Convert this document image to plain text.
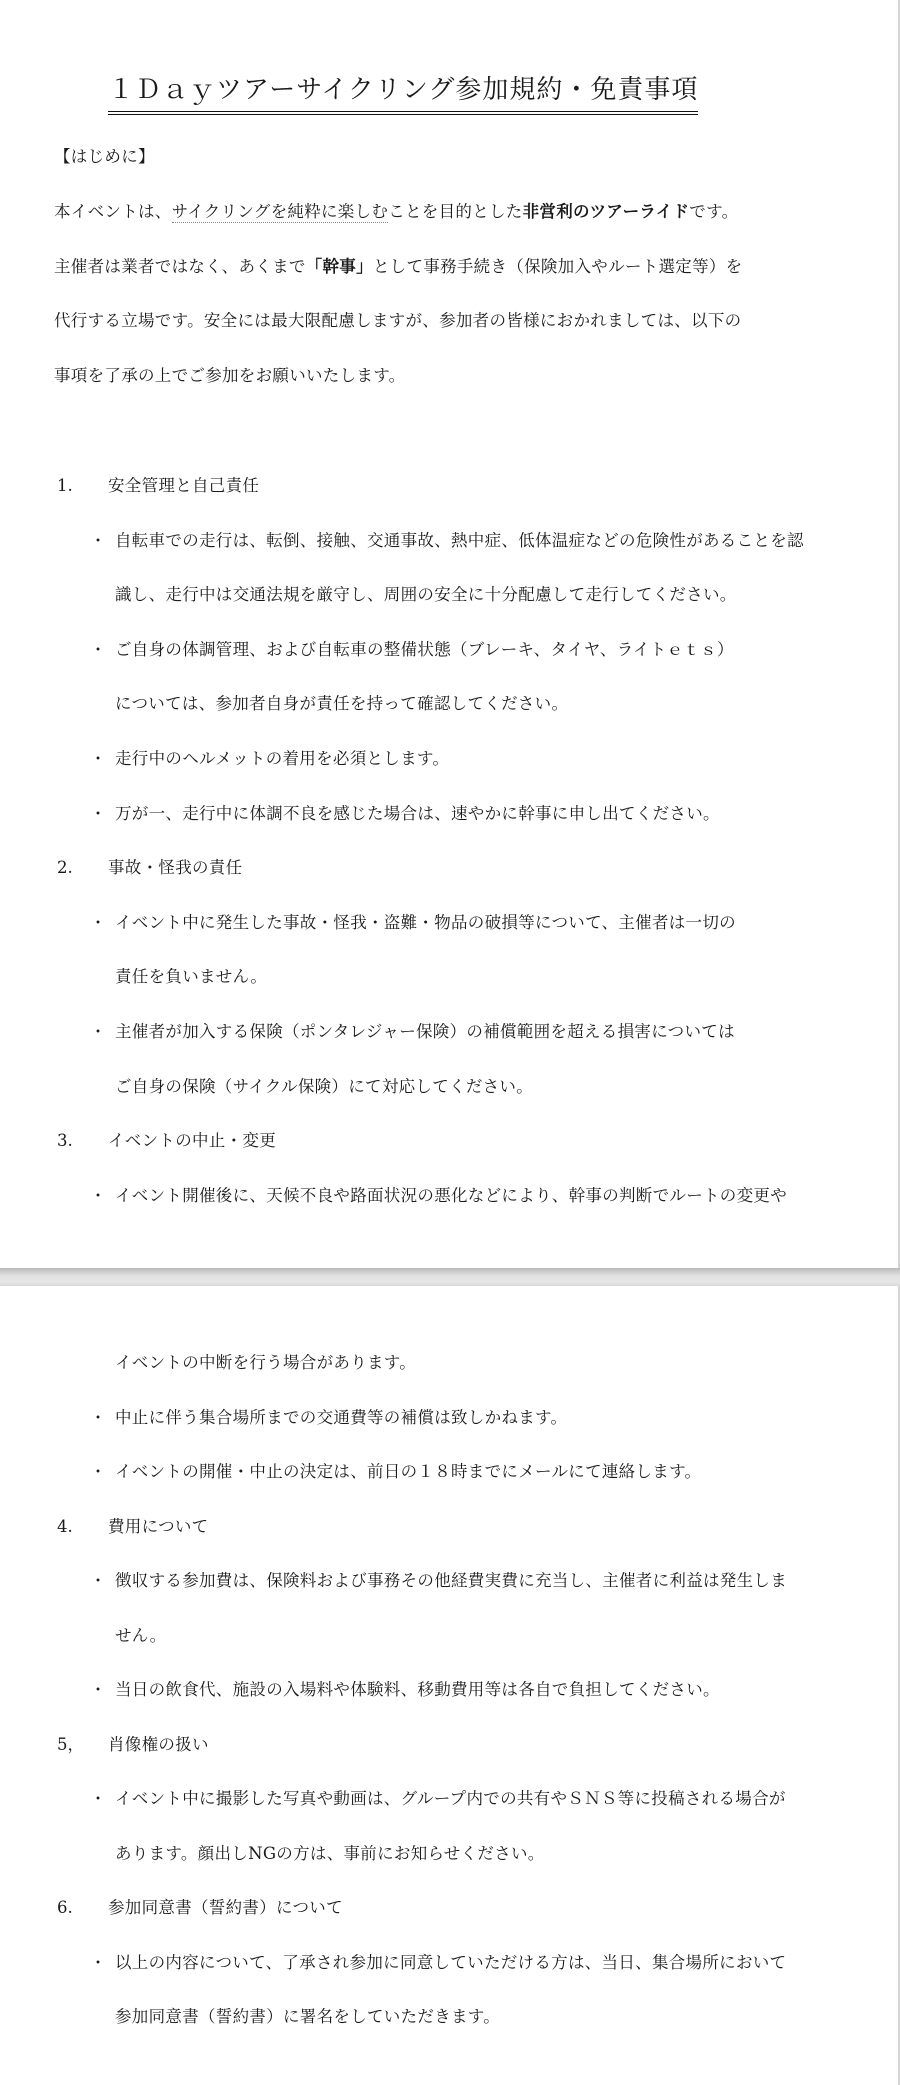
１Ｄａｙツアーサイクリング参加規約・免責事項
【はじめに】
本イベントは、サイクリングを純粋に楽しむことを目的とした非営利のツアーライドです。
主催者は業者ではなく、あくまで「幹事」として事務手続き（保険加入やルート選定等）を
代行する立場です。安全には最大限配慮しますが、参加者の皆様におかれましては、以下の
事項を了承の上でご参加をお願いいたします。
1. 安全管理と自己責任
・ 自転車での走行は、転倒、接触、交通事故、熱中症、低体温症などの危険性があることを認
識し、走行中は交通法規を厳守し、周囲の安全に十分配慮して走行してください。
・ ご自身の体調管理、および自転車の整備状態（ブレーキ、タイヤ、ライトｅｔｓ）
については、参加者自身が責任を持って確認してください。
・ 走行中のヘルメットの着用を必須とします。
・ 万が一、走行中に体調不良を感じた場合は、速やかに幹事に申し出てください。
2. 事故・怪我の責任
・ イベント中に発生した事故・怪我・盗難・物品の破損等について、主催者は一切の
責任を負いません。
・ 主催者が加入する保険（ポンタレジャー保険）の補償範囲を超える損害については
ご自身の保険（サイクル保険）にて対応してください。
3. イベントの中止・変更
・ イベント開催後に、天候不良や路面状況の悪化などにより、幹事の判断でルートの変更や
イベントの中断を行う場合があります。
・ 中止に伴う集合場所までの交通費等の補償は致しかねます。
・ イベントの開催・中止の決定は、前日の１８時までにメールにて連絡します。
4. 費用について
・ 徴収する参加費は、保険料および事務その他経費実費に充当し、主催者に利益は発生しま
せん。
・ 当日の飲食代、施設の入場料や体験料、移動費用等は各自で負担してください。
5， 肖像権の扱い
・ イベント中に撮影した写真や動画は、グループ内での共有やＳＮＳ等に投稿される場合が
あります。顔出しNGの方は、事前にお知らせください。
6. 参加同意書（誓約書）について
・ 以上の内容について、了承され参加に同意していただける方は、当日、集合場所において
参加同意書（誓約書）に署名をしていただきます。
